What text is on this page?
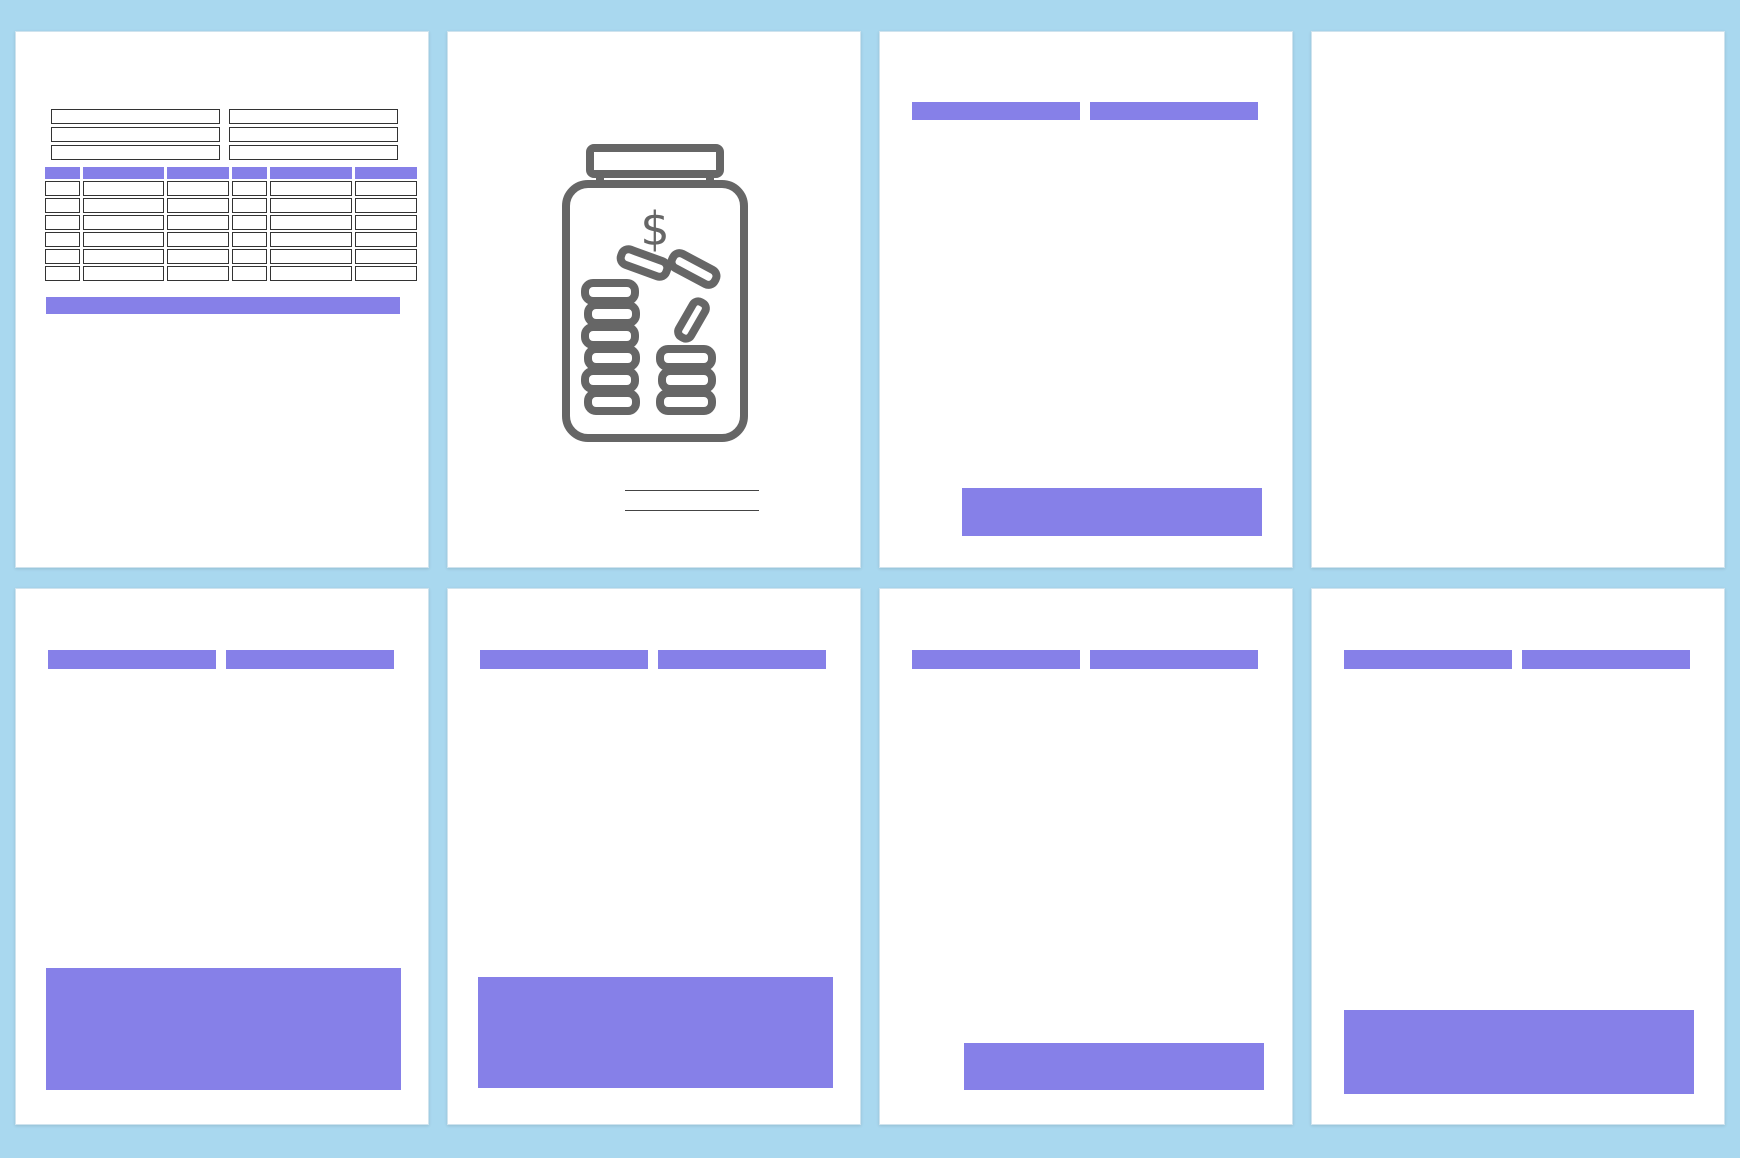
$
